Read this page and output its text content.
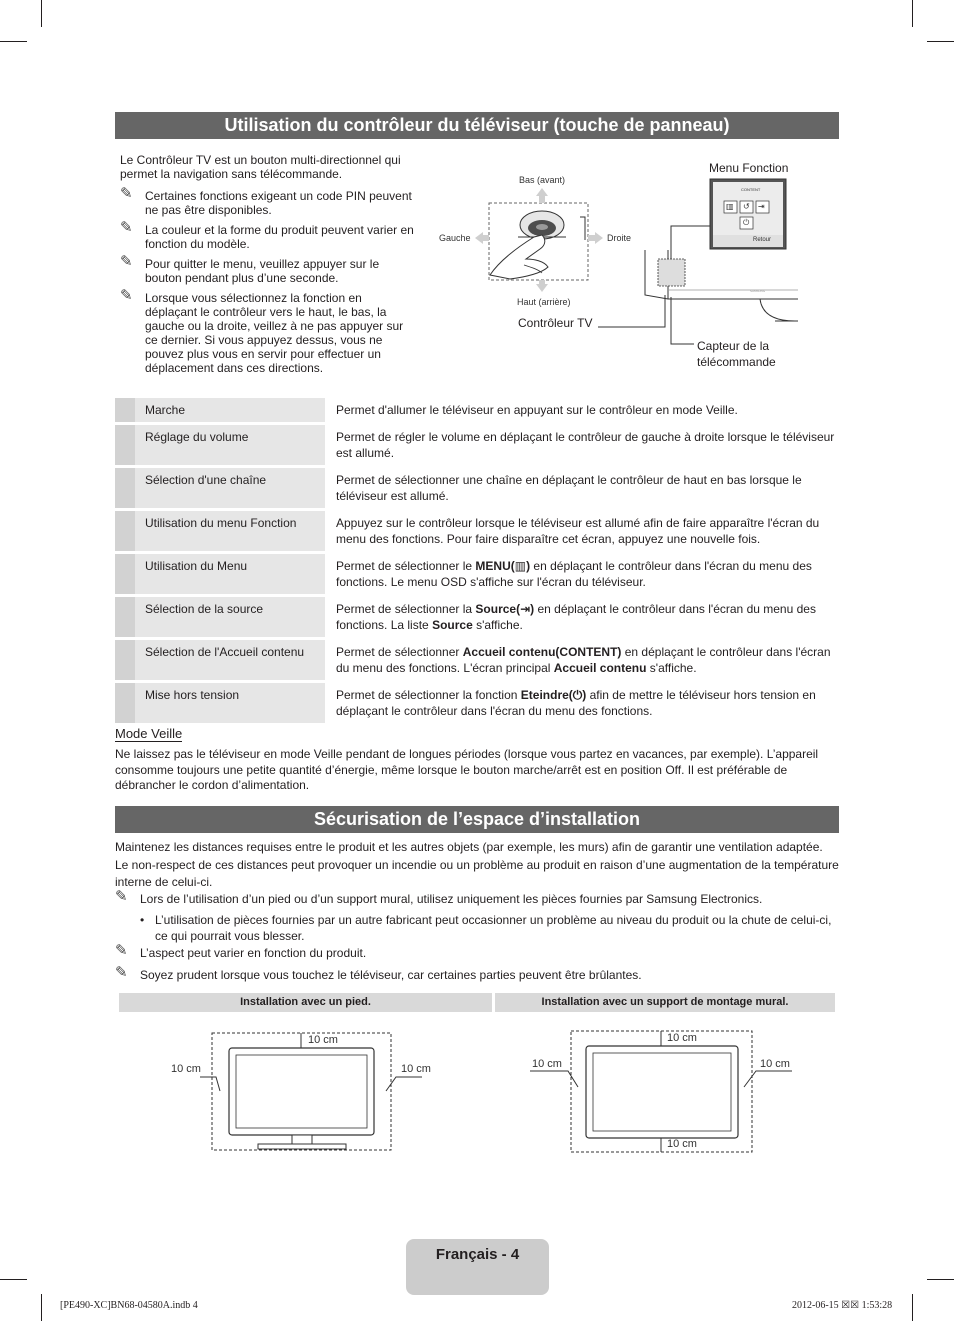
Utilisation du contrôleur du téléviseur (touche de panneau)

Le Contrôleur TV est un bouton multi-directionnel qui permet la navigation sans télécommande.

✎ Certaines fonctions exigeant un code PIN peuvent ne pas être disponibles.
✎ La couleur et la forme du produit peuvent varier en fonction du modèle.
✎ Pour quitter le menu, veuillez appuyer sur le bouton pendant plus d’une seconde.
✎ Lorsque vous sélectionnez la fonction en déplaçant le contrôleur vers le haut, le bas, la gauche ou la droite, veillez à ne pas appuyer sur ce dernier. Si vous appuyez dessus, vous ne pouvez plus vous en servir pour effectuer un déplacement dans ces directions.
Bas (avant)
Haut (arrière)
Gauche	Droite
Contrôleur TV
Menu Fonction
CONTENT
▥ ↺ ⇥
⏻
Retour
SAMSUNG
Capteur de la télécommande
Marche	Permet d'allumer le téléviseur en appuyant sur le contrôleur en mode Veille.
Réglage du volume	Permet de régler le volume en déplaçant le contrôleur de gauche à droite lorsque le téléviseur est allumé.
Sélection d'une chaîne	Permet de sélectionner une chaîne en déplaçant le contrôleur de haut en bas lorsque le téléviseur est allumé.
Utilisation du menu Fonction	Appuyez sur le contrôleur lorsque le téléviseur est allumé afin de faire apparaître l'écran du menu des fonctions. Pour faire disparaître cet écran, appuyez une nouvelle fois.
Utilisation du Menu	Permet de sélectionner le MENU(▥) en déplaçant le contrôleur dans l'écran du menu des fonctions. Le menu OSD s'affiche sur l'écran du téléviseur.
Sélection de la source	Permet de sélectionner la Source(⇥) en déplaçant le contrôleur dans l'écran du menu des fonctions. La liste Source s'affiche.
Sélection de l'Accueil contenu	Permet de sélectionner Accueil contenu(CONTENT) en déplaçant le contrôleur dans l'écran du menu des fonctions. L'écran principal Accueil contenu s'affiche.
Mise hors tension	Permet de sélectionner la fonction Eteindre(⏻) afin de mettre le téléviseur hors tension en déplaçant le contrôleur dans l'écran du menu des fonctions.
Mode Veille
Ne laissez pas le téléviseur en mode Veille pendant de longues périodes (lorsque vous partez en vacances, par exemple). L’appareil consomme toujours une petite quantité d’énergie, même lorsque le bouton marche/arrêt est en position Off. Il est préférable de débrancher le cordon d’alimentation.
Sécurisation de l’espace d’installation
Maintenez les distances requises entre le produit et les autres objets (par exemple, les murs) afin de garantir une ventilation adaptée. Le non-respect de ces distances peut provoquer un incendie ou un problème au produit en raison d’une augmentation de la température interne de celui-ci.
✎ Lors de l’utilisation d’un pied ou d’un support mural, utilisez uniquement les pièces fournies par Samsung Electronics.
• L’utilisation de pièces fournies par un autre fabricant peut occasionner un problème au niveau du produit ou la chute de celui-ci, ce qui pourrait vous blesser.
✎ L’aspect peut varier en fonction du produit.
✎ Soyez prudent lorsque vous touchez le téléviseur, car certaines parties peuvent être brûlantes.
Installation avec un pied.	Installation avec un support de montage mural.
10 cm
10 cm	10 cm
10 cm
10 cm	10 cm
10 cm
Français - 4
[PE490-XC]BN68-04580A.indb 4	2012-06-15 ☒☒ 1:53:28
